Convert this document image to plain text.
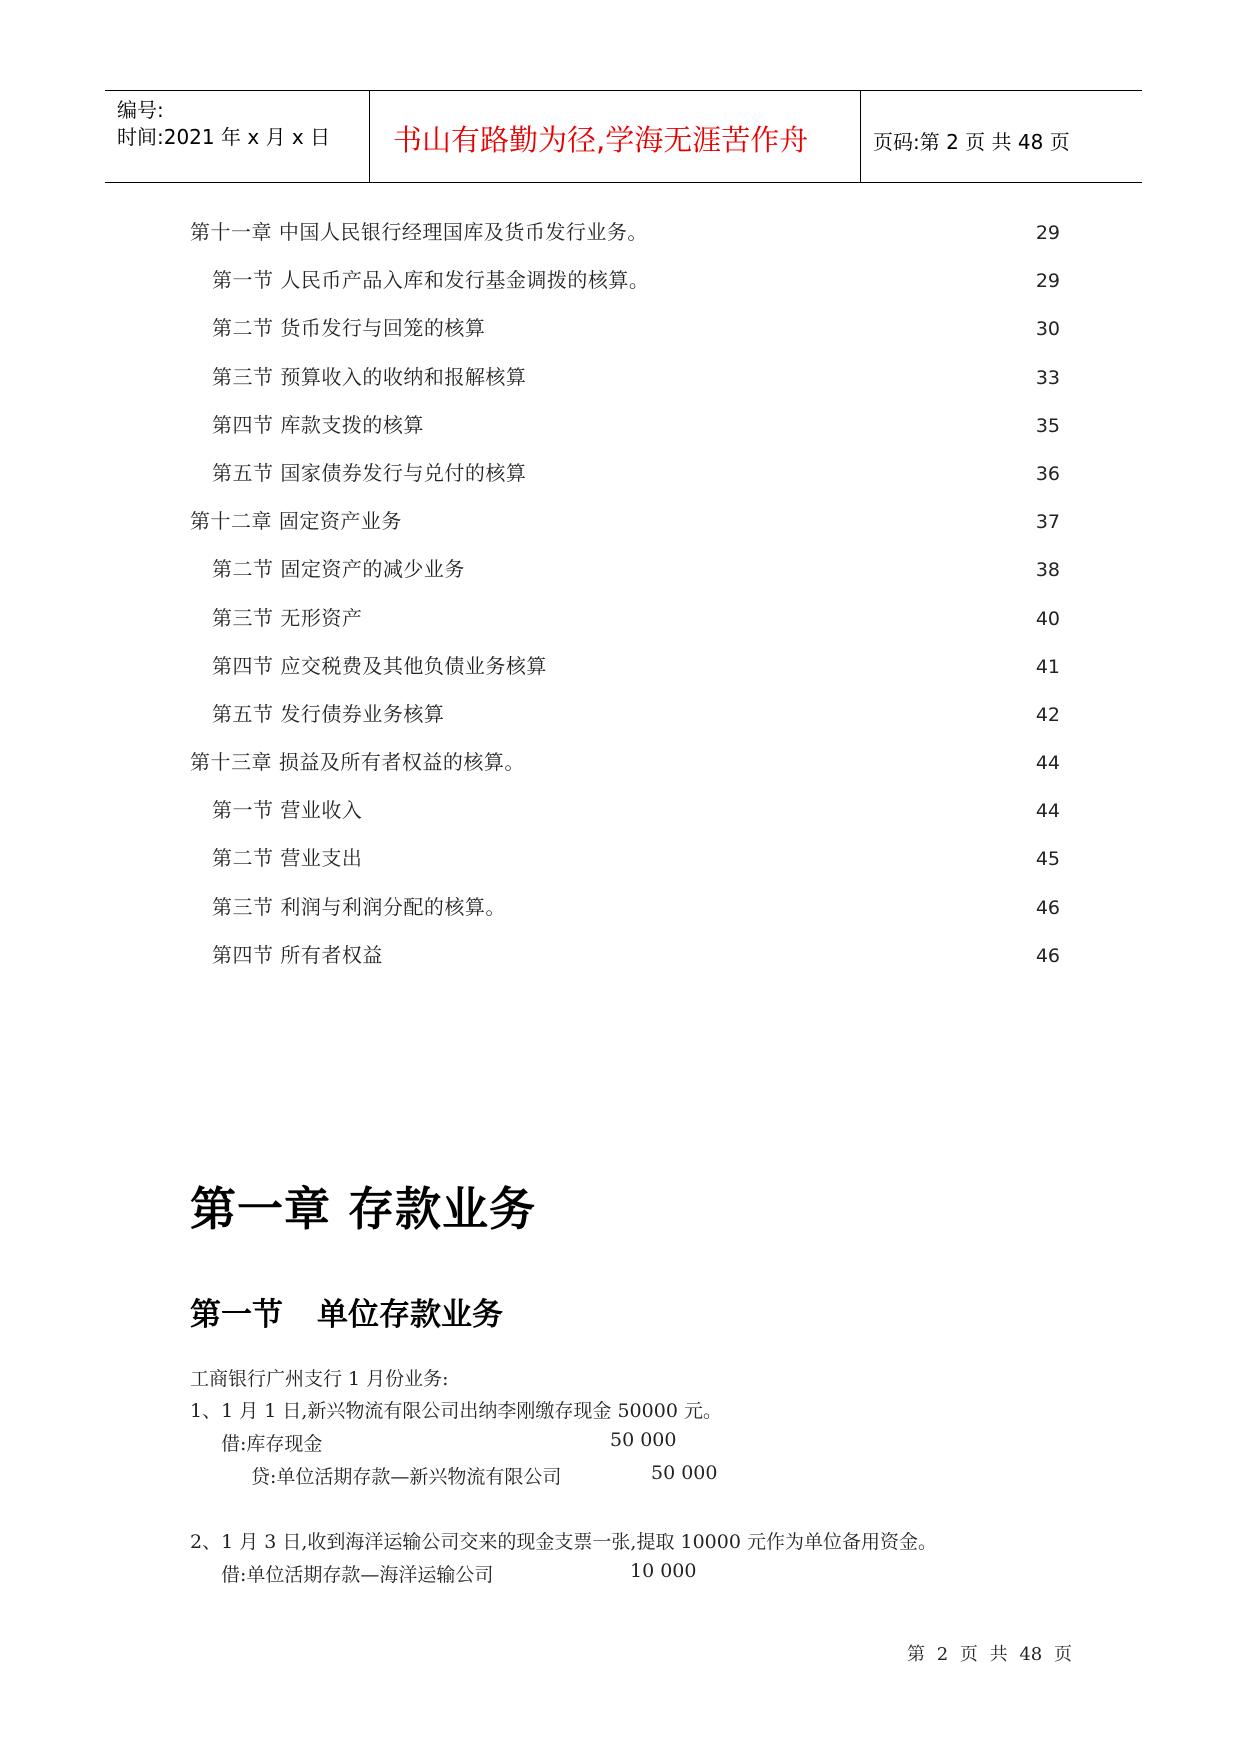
编号:
时间:2021 年 x 月 x 日 书山有路勤为径,学海无涯苦作舟	页码:第 2 页 共 48 页
第十一章 中国人民银行经理国库及货币发行业务。	29
第一节 人民币产品入库和发行基金调拨的核算。	29
第二节 货币发行与回笼的核算	30
第三节 预算收入的收纳和报解核算	33
第四节 库款支拨的核算	35
第五节 国家债券发行与兑付的核算	36
第十二章 固定资产业务	37
第二节 固定资产的减少业务	38
第三节 无形资产	40
第四节 应交税费及其他负债业务核算	41
第五节 发行债券业务核算	42
第十三章 损益及所有者权益的核算。	44
第一节 营业收入	44
第二节 营业支出	45
第三节 利润与利润分配的核算。	46
第四节 所有者权益	46
第一章 存款业务
第一节 单位存款业务
工商银行广州支行 1 月份业务:
1、1 月 1 日,新兴物流有限公司出纳李刚缴存现金 50000 元。
借:库存现金	50 000
贷:单位活期存款—新兴物流有限公司	50 000
2、1 月 3 日,收到海洋运输公司交来的现金支票一张,提取 10000 元作为单位备用资金。
借:单位活期存款—海洋运输公司	10 000
第 2 页 共 48 页
